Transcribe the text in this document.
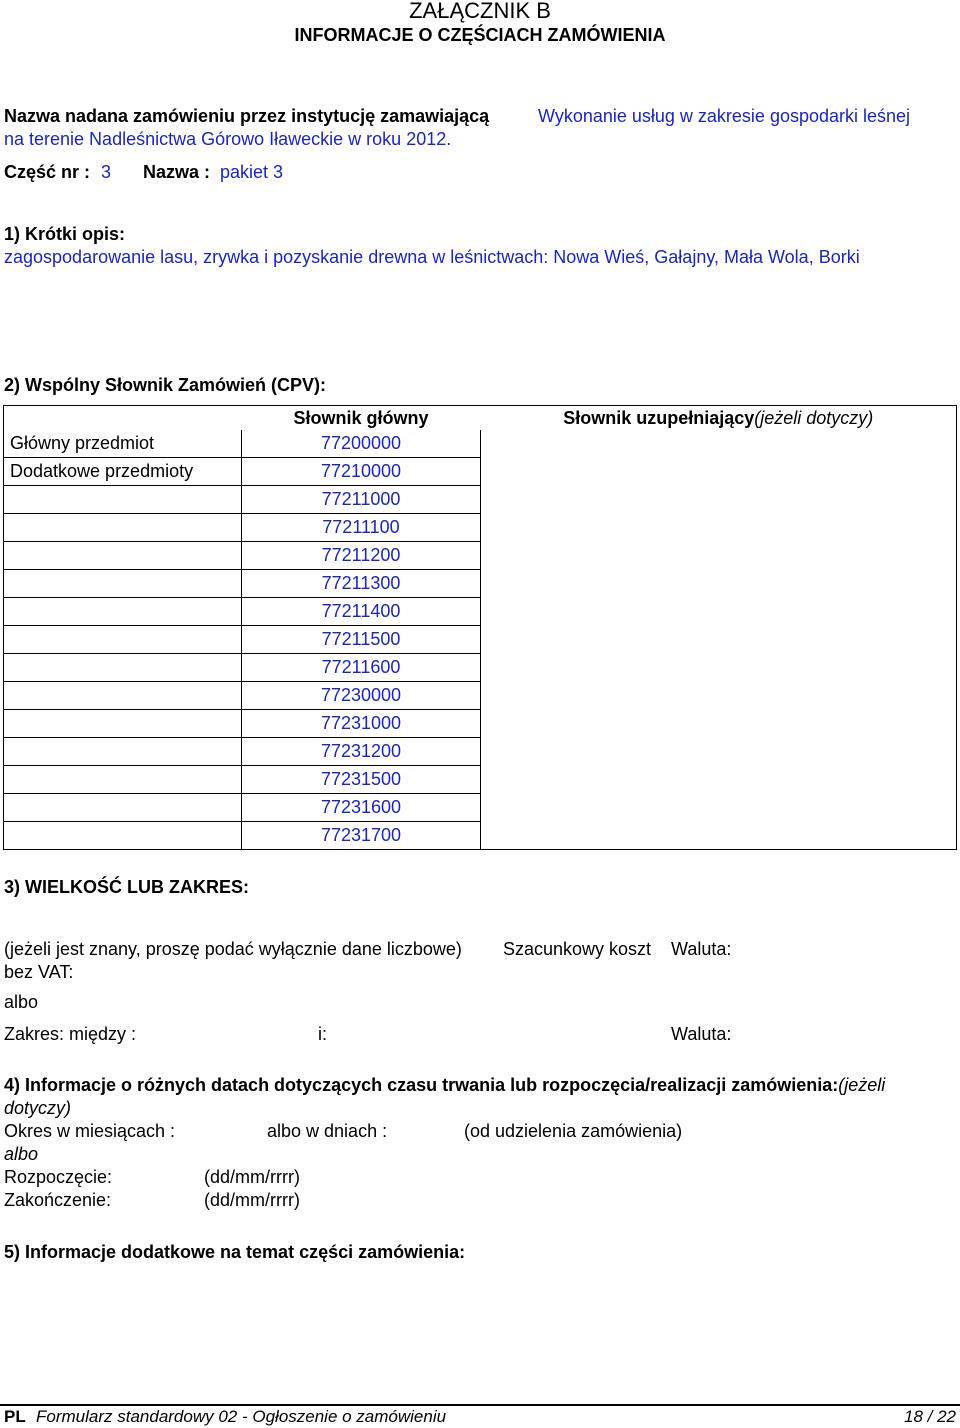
ZAŁĄCZNIK B
INFORMACJE O CZĘŚCIACH ZAMÓWIENIA
Nazwa nadana zamówieniu przez instytucję zamawiającą	Wykonanie usług w zakresie gospodarki leśnej
na terenie Nadleśnictwa Górowo Iławeckie w roku 2012.
Część nr : 3 Nazwa : pakiet 3
1) Krótki opis:
zagospodarowanie lasu, zrywka i pozyskanie drewna w leśnictwach: Nowa Wieś, Gałajny, Mała Wola, Borki
2) Wspólny Słownik Zamówień (CPV):
	Słownik główny	Słownik uzupełniający(jeżeli dotyczy)
Główny przedmiot	77200000	
Dodatkowe przedmioty	77210000	
	77211000	
	77211100	
	77211200	
	77211300	
	77211400	
	77211500	
	77211600	
	77230000	
	77231000	
	77231200	
	77231500	
	77231600	
	77231700	
3) WIELKOŚĆ LUB ZAKRES:
(jeżeli jest znany, proszę podać wyłącznie dane liczbowe) Szacunkowy koszt Waluta:
bez VAT:
albo
Zakres: między :	i:	Waluta:
4) Informacje o różnych datach dotyczących czasu trwania lub rozpoczęcia/realizacji zamówienia:(jeżeli
dotyczy)
Okres w miesiącach :	albo w dniach :	(od udzielenia zamówienia)
albo
Rozpoczęcie:	(dd/mm/rrrr)
Zakończenie:	(dd/mm/rrrr)
5) Informacje dodatkowe na temat części zamówienia:
PL Formularz standardowy 02 - Ogłoszenie o zamówieniu	18 / 22
